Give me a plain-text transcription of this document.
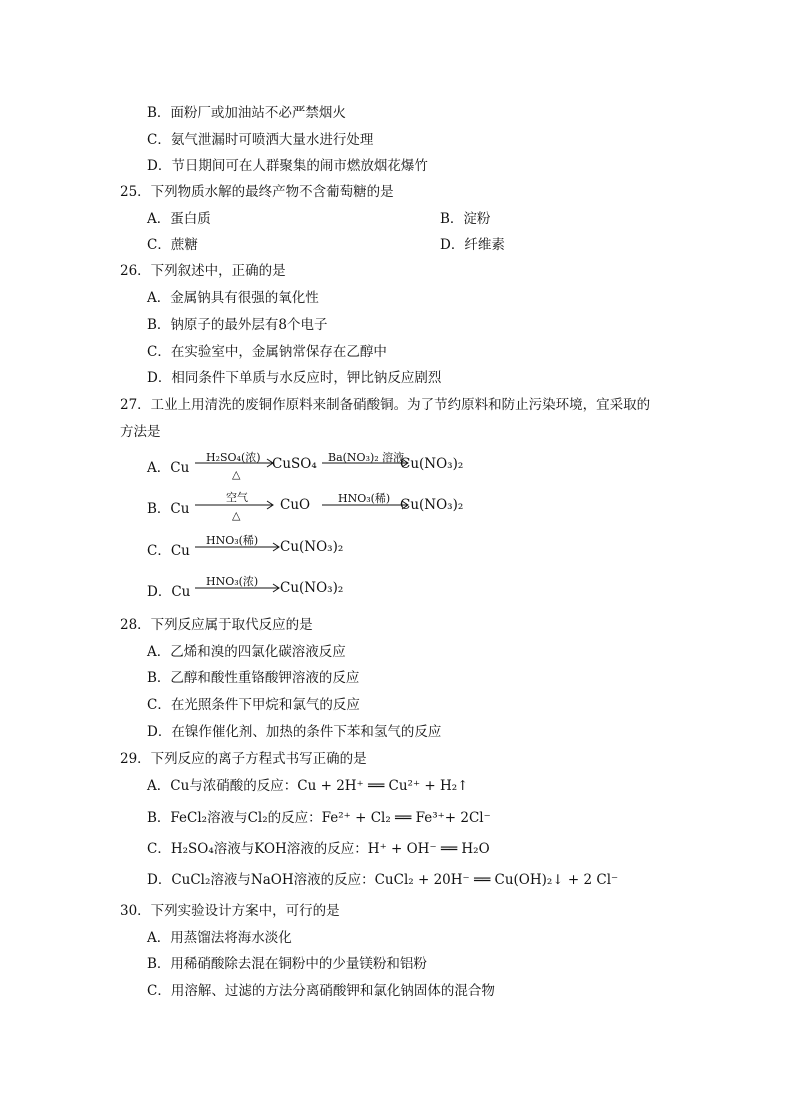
B．面粉厂或加油站不必严禁烟火
C．氨气泄漏时可喷洒大量水进行处理
D．节日期间可在人群聚集的闹市燃放烟花爆竹
25．下列物质水解的最终产物不含葡萄糖的是
A．蛋白质	B．淀粉
C．蔗糖	D．纤维素
26．下列叙述中，正确的是
A．金属钠具有很强的氧化性
B．钠原子的最外层有8个电子
C．在实验室中，金属钠常保存在乙醇中
D．相同条件下单质与水反应时，钾比钠反应剧烈
27．工业上用清洗的废铜作原料来制备硝酸铜。为了节约原料和防止污染环境，宜采取的
方法是
A．Cu
H₂SO₄(浓)
△
CuSO₄ Ba(NO₃)₂ 溶液
Cu(NO₃)₂
B．Cu
空气
△
CuO	HNO₃(稀) Cu(NO₃)₂
C．Cu
HNO₃(稀) Cu(NO₃)₂
D．Cu
HNO₃(浓) Cu(NO₃)₂
28．下列反应属于取代反应的是
A．乙烯和溴的四氯化碳溶液反应
B．乙醇和酸性重铬酸钾溶液的反应
C．在光照条件下甲烷和氯气的反应
D．在镍作催化剂、加热的条件下苯和氢气的反应
29．下列反应的离子方程式书写正确的是
A．Cu与浓硝酸的反应：Cu + 2H⁺ ══ Cu²⁺ + H₂↑
B．FeCl₂溶液与Cl₂的反应：Fe²⁺ + Cl₂ ══ Fe³⁺+ 2Cl⁻
C．H₂SO₄溶液与KOH溶液的反应：H⁺ + OH⁻ ══ H₂O
D．CuCl₂溶液与NaOH溶液的反应：CuCl₂ + 20H⁻ ══ Cu(OH)₂↓ + 2 Cl⁻
30．下列实验设计方案中，可行的是
A．用蒸馏法将海水淡化
B．用稀硝酸除去混在铜粉中的少量镁粉和铝粉
C．用溶解、过滤的方法分离硝酸钾和氯化钠固体的混合物
